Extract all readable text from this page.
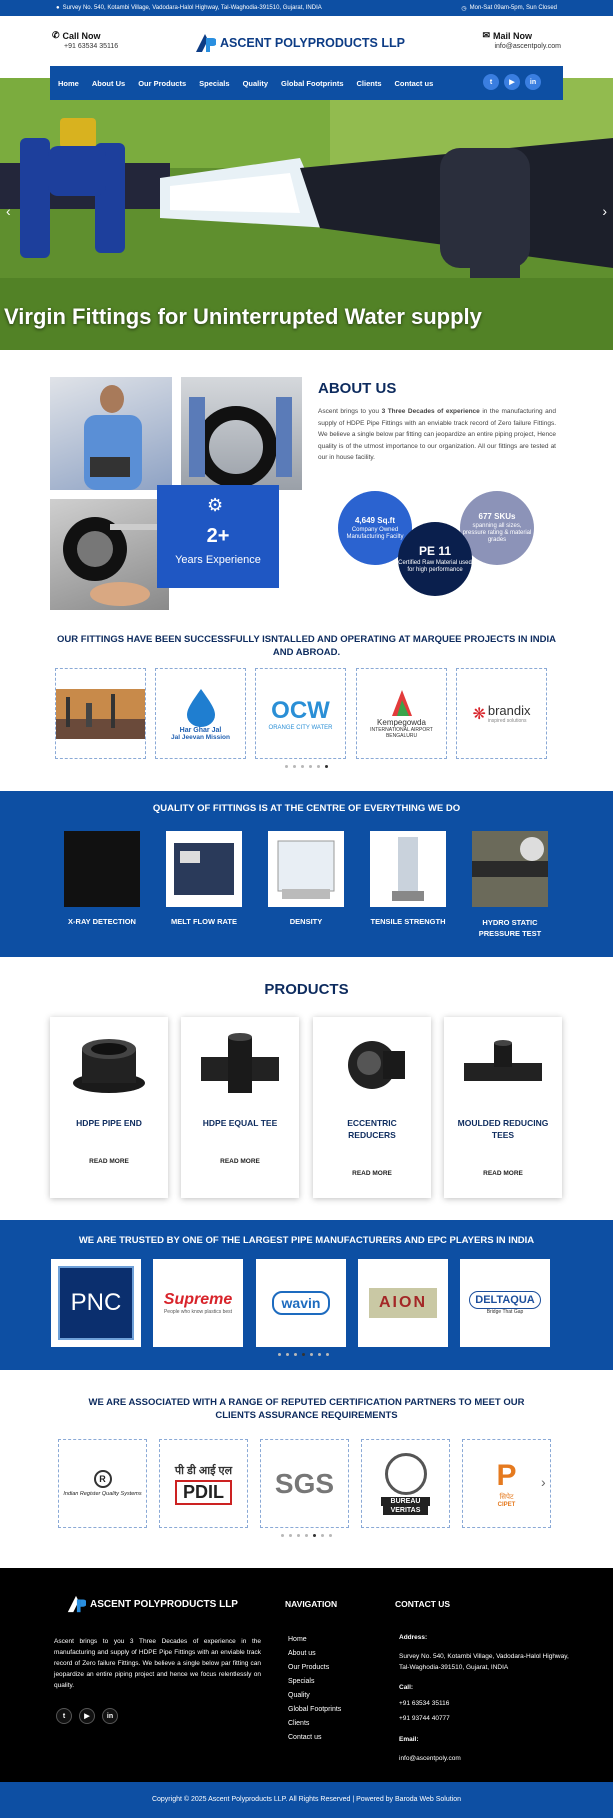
● Survey No. 540, Kotambi Village, Vadodara-Halol Highway, Tal-Waghodia-391510, Gujarat, INDIA	◷ Mon-Sat 09am-5pm, Sun Closed
✆ Call Now
+91 63534 35116	ASCENT POLYPRODUCTS LLP
✉ Mail Now
info@ascentpoly.com
‹	›
Virgin Fittings for Uninterrupted Water supply
Home About Us Our Products Specials Quality Global Footprints Clients Contact us	t	▶	in
⚙
2+
Years Experience
ABOUT US
Ascent brings to you 3 Three Decades of experience in the manufacturing and supply of HDPE Pipe Fittings with an enviable track record of Zero failure Fittings. We believe a single below par fitting can jeopardize an entire piping project, Hence quality is of the utmost importance to our organization. All our fittings are tested at our in house facility.
4,649 Sq.ft
Company Owned Manufacturing Facilty
677 SKUs
spanning all sizes, pressure rating & material grades
PE 11
Certified Raw Material used for high performance
OUR FITTINGS HAVE BEEN SUCCESSFULLY ISNTALLED AND OPERATING AT MARQUEE PROJECTS IN INDIA AND ABROAD.
Har Ghar Jal
Jal Jeevan Mission
OCW
ORANGE CITY WATER
Kempegowda
INTERNATIONAL AIRPORT BENGALURU
❋ brandix
inspired solutions
QUALITY OF FITTINGS IS AT THE CENTRE OF EVERYTHING WE DO
X-RAY DETECTION	MELT FLOW RATE	DENSITY	TENSILE STRENGTH	HYDRO STATIC PRESSURE TEST
PRODUCTS
HDPE PIPE END
READ MORE
HDPE EQUAL TEE
READ MORE
ECCENTRIC REDUCERS
READ MORE
MOULDED REDUCING TEES
READ MORE
WE ARE TRUSTED BY ONE OF THE LARGEST PIPE MANUFACTURERS AND EPC PLAYERS IN INDIA
PNC	Supreme
People who know plastics best
wavin	AION	DELTAQUA
Bridge That Gap
WE ARE ASSOCIATED WITH A RANGE OF REPUTED CERTIFICATION PARTNERS TO MEET OUR CLIENTS ASSURANCE REQUIREMENTS
R
Indian Register Quality Systems
पी डी आई एल
PDIL SGS
BUREAU
VERITAS
P
सिपेट
CIPET
›
ASCENT POLYPRODUCTS LLP
Ascent brings to you 3 Three Decades of experience in the manufacturing and supply of HDPE Pipe Fittings with an enviable track record of Zero failure Fittings. We believe a single below par fitting can jeopardize an entire piping project and hence we focus relentlessly on quality.
t	▶	in
NAVIGATION
Home
About us
Our Products
Specials
Quality
Global Footprints
Clients
Contact us
CONTACT US
Address:
Survey No. 540, Kotambi Village, Vadodara-Halol Highway, Tal-Waghodia-391510, Gujarat, INDIA
Call:
+91 63534 35116
+91 93744 40777
Email:
info@ascentpoly.com
Copyright © 2025 Ascent Polyproducts LLP. All Rights Reserved | Powered by Baroda Web Solution
